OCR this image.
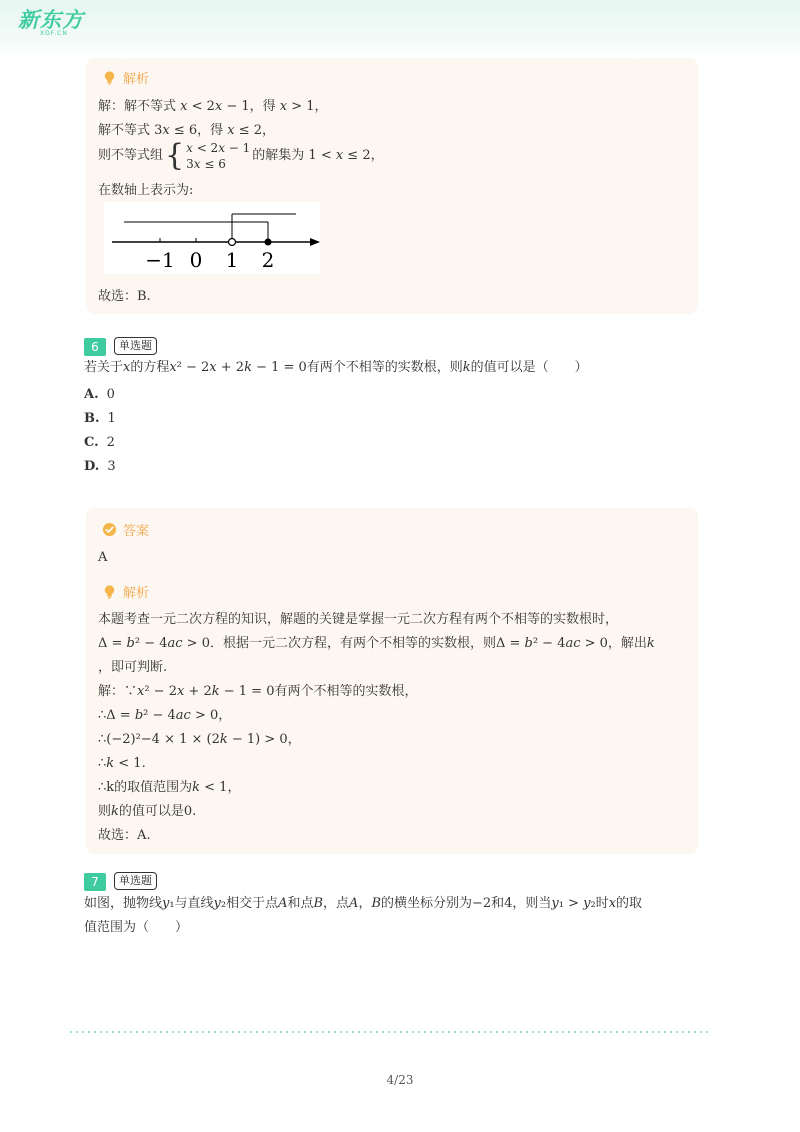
新东方
XDF.CN
解析
解：解不等式 𝑥 < 2𝑥 − 1，得 𝑥 > 1，
解不等式 3𝑥 ≤ 6，得 𝑥 ≤ 2，
则不等式组{ 𝑥 < 2𝑥 − 1
3𝑥 ≤ 6
的解集为 1 < 𝑥 ≤ 2，
在数轴上表示为:
−1 0 1 2
故选：B.
6	单选题
若关于𝑥的方程𝑥² − 2𝑥 + 2𝑘 − 1 = 0有两个不相等的实数根，则𝑘的值可以是（　　）
A. 0
B. 1
C. 2
D. 3
答案
A
解析
本题考查一元二次方程的知识，解题的关键是掌握一元二次方程有两个不相等的实数根时，
Δ = 𝑏² − 4𝑎𝑐 > 0．根据一元二次方程，有两个不相等的实数根，则Δ = 𝑏² − 4𝑎𝑐 > 0，解出𝑘
，即可判断.
解：∵𝑥² − 2𝑥 + 2𝑘 − 1 = 0有两个不相等的实数根，
∴Δ = 𝑏² − 4𝑎𝑐 > 0，
∴(−2)²−4 × 1 × (2𝑘 − 1) > 0，
∴𝑘 < 1.
∴k的取值范围为𝑘 < 1，
则𝑘的值可以是0.
故选：A.
7	单选题
如图，抛物线𝑦₁与直线𝑦₂相交于点𝐴和点𝐵，点𝐴，𝐵的横坐标分别为−2和4，则当𝑦₁ > 𝑦₂时𝑥的取
值范围为（　　）
4/23
